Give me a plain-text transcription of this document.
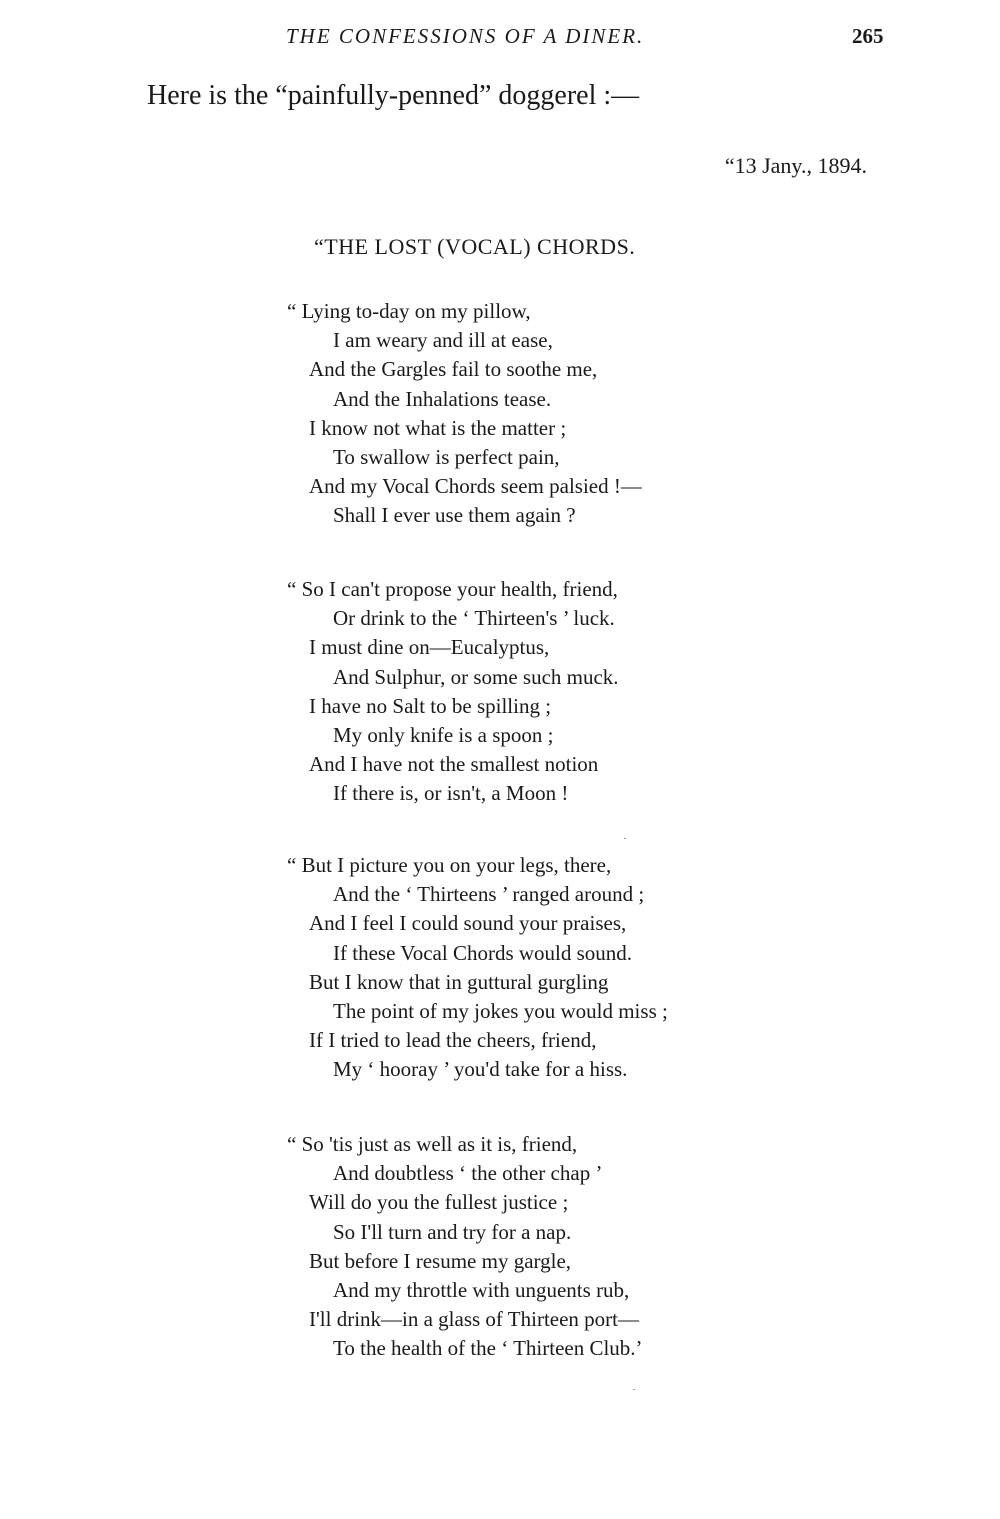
THE CONFESSIONS OF A DINER.	265
Here is the “painfully-penned” doggerel :—
“13 Jany., 1894.
“THE LOST (VOCAL) CHORDS.
“ Lying to-day on my pillow,
I am weary and ill at ease,
And the Gargles fail to soothe me,
And the Inhalations tease.
I know not what is the matter ;
To swallow is perfect pain,
And my Vocal Chords seem palsied !—
Shall I ever use them again ?
“ So I can't propose your health, friend,
Or drink to the ‘ Thirteen's ’ luck.
I must dine on—Eucalyptus,
And Sulphur, or some such muck.
I have no Salt to be spilling ;
My only knife is a spoon ;
And I have not the smallest notion
If there is, or isn't, a Moon !
“ But I picture you on your legs, there,
And the ‘ Thirteens ’ ranged around ;
And I feel I could sound your praises,
If these Vocal Chords would sound.
But I know that in guttural gurgling
The point of my jokes you would miss ;
If I tried to lead the cheers, friend,
My ‘ hooray ’ you'd take for a hiss.
“ So 'tis just as well as it is, friend,
And doubtless ‘ the other chap ’
Will do you the fullest justice ;
So I'll turn and try for a nap.
But before I resume my gargle,
And my throttle with unguents rub,
I'll drink—in a glass of Thirteen port—
To the health of the ‘ Thirteen Club.’
